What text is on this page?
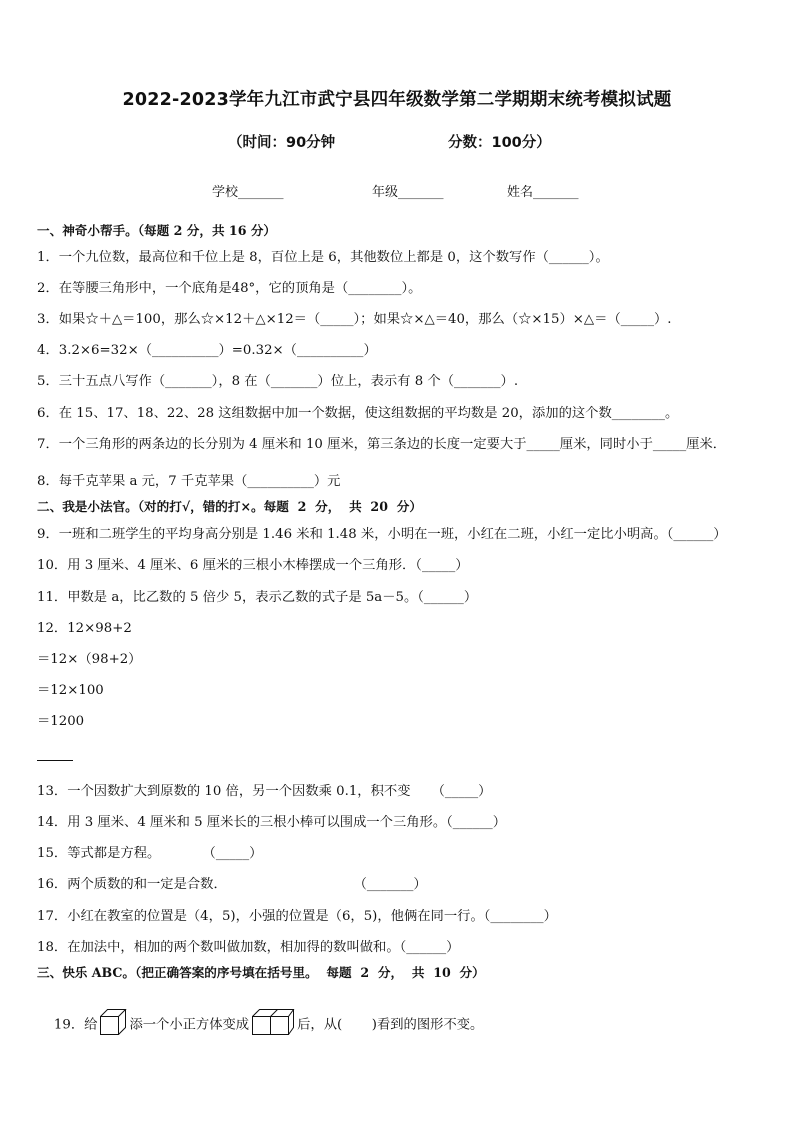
2022-2023学年九江市武宁县四年级数学第二学期期末统考模拟试题
（时间：90分钟	分数：100分）
学校_______	年级_______	姓名_______
一、神奇小帮手。（每题 2 分，共 16 分）
1．一个九位数，最高位和千位上是 8，百位上是 6，其他数位上都是 0，这个数写作（______）。
2．在等腰三角形中，一个底角是48°，它的顶角是（________）。
3．如果☆＋△＝100，那么☆×12＋△×12＝（_____）；如果☆×△＝40，那么（☆×15）×△＝（_____）.
4．3.2×6=32×（__________）=0.32×（__________）
5．三十五点八写作（_______），8 在（_______）位上，表示有 8 个（_______）.
6．在 15、17、18、22、28 这组数据中加一个数据，使这组数据的平均数是 20，添加的这个数________。
7．一个三角形的两条边的长分别为 4 厘米和 10 厘米，第三条边的长度一定要大于_____厘米，同时小于_____厘米．
8．每千克苹果 a 元，7 千克苹果（__________）元
二、我是小法官。（对的打√，错的打×。每题  2  分，  共  20  分）
9．一班和二班学生的平均身高分别是 1.46 米和 1.48 米，小明在一班，小红在二班，小红一定比小明高。（______）
10．用 3 厘米、4 厘米、6 厘米的三根小木棒摆成一个三角形．（_____）
11．甲数是 a，比乙数的 5 倍少 5，表示乙数的式子是 5a－5。（______）
12．12×98+2
＝12×（98+2）
＝12×100
＝1200
13．一个因数扩大到原数的 10 倍，另一个因数乘 0.1，积不变     （_____）
14．用 3 厘米、4 厘米和 5 厘米长的三根小棒可以围成一个三角形。（______）
15．等式都是方程。          （_____）
16．两个质数的和一定是合数．                              （_______）
17．小红在教室的位置是（4，5)，小强的位置是（6，5)，他俩在同一行。（________）
18．在加法中，相加的两个数叫做加数，相加得的数叫做和。（______）
三、快乐 ABC。（把正确答案的序号填在括号里。  每题  2  分，  共  10  分）

19．给 添一个小正方体变成	后，从(       )看到的图形不变。
